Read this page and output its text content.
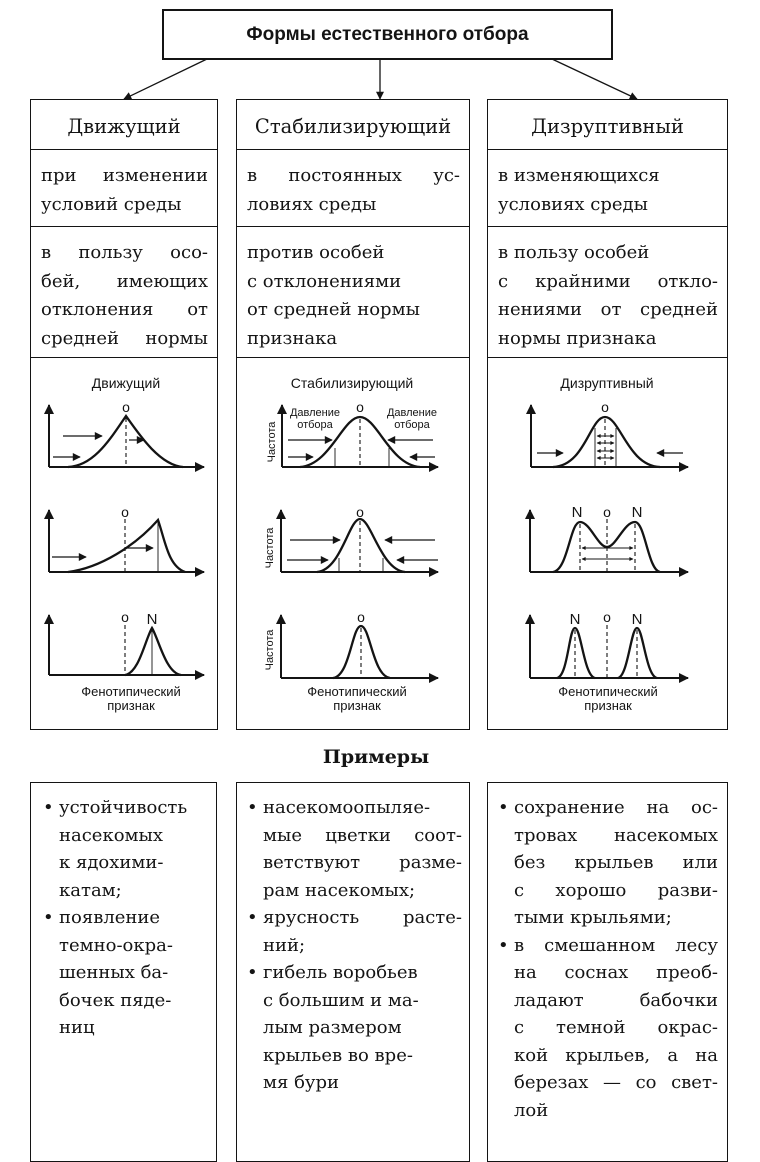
Формы естественного отбора
Движущий
при изменении
условий среды
в пользу осо-
бей, имеющих
отклонения от
средней нормы
Стабилизирующий
в постоянных ус-
ловиях среды
против особей
с отклонениями
от средней нормы
признака
Дизруптивный
в изменяющихся
условиях среды
в пользу особей
с крайними откло-
нениями от средней
нормы признака
Примеры
• устойчивость
насекомых
к ядохими-
катам;
• появление
темно-окра-
шенных ба-
бочек пяде-
ниц
• насекомоопыляе-
мые цветки соот-
ветствуют разме-
рам насекомых;
• ярусность расте-
ний;
• гибель воробьев
с большим и ма-
лым размером
крыльев во вре-
мя бури
• сохранение на ос-
тровах насекомых
без крыльев или
с хорошо разви-
тыми крыльями;
• в смешанном лесу
на соснах преоб-
ладают бабочки
с темной окрас-
кой крыльев, а на
березах — со свет-
лой
Движущий
o
o
o N
Фенотипический
признак
Стабилизирующий
o
Давление
отбора
Давление
отбора
Частота
o
Частота
o
Частота
Фенотипический
признак
Дизруптивный
o
o
N	N
o
N	N
Фенотипический
признак
